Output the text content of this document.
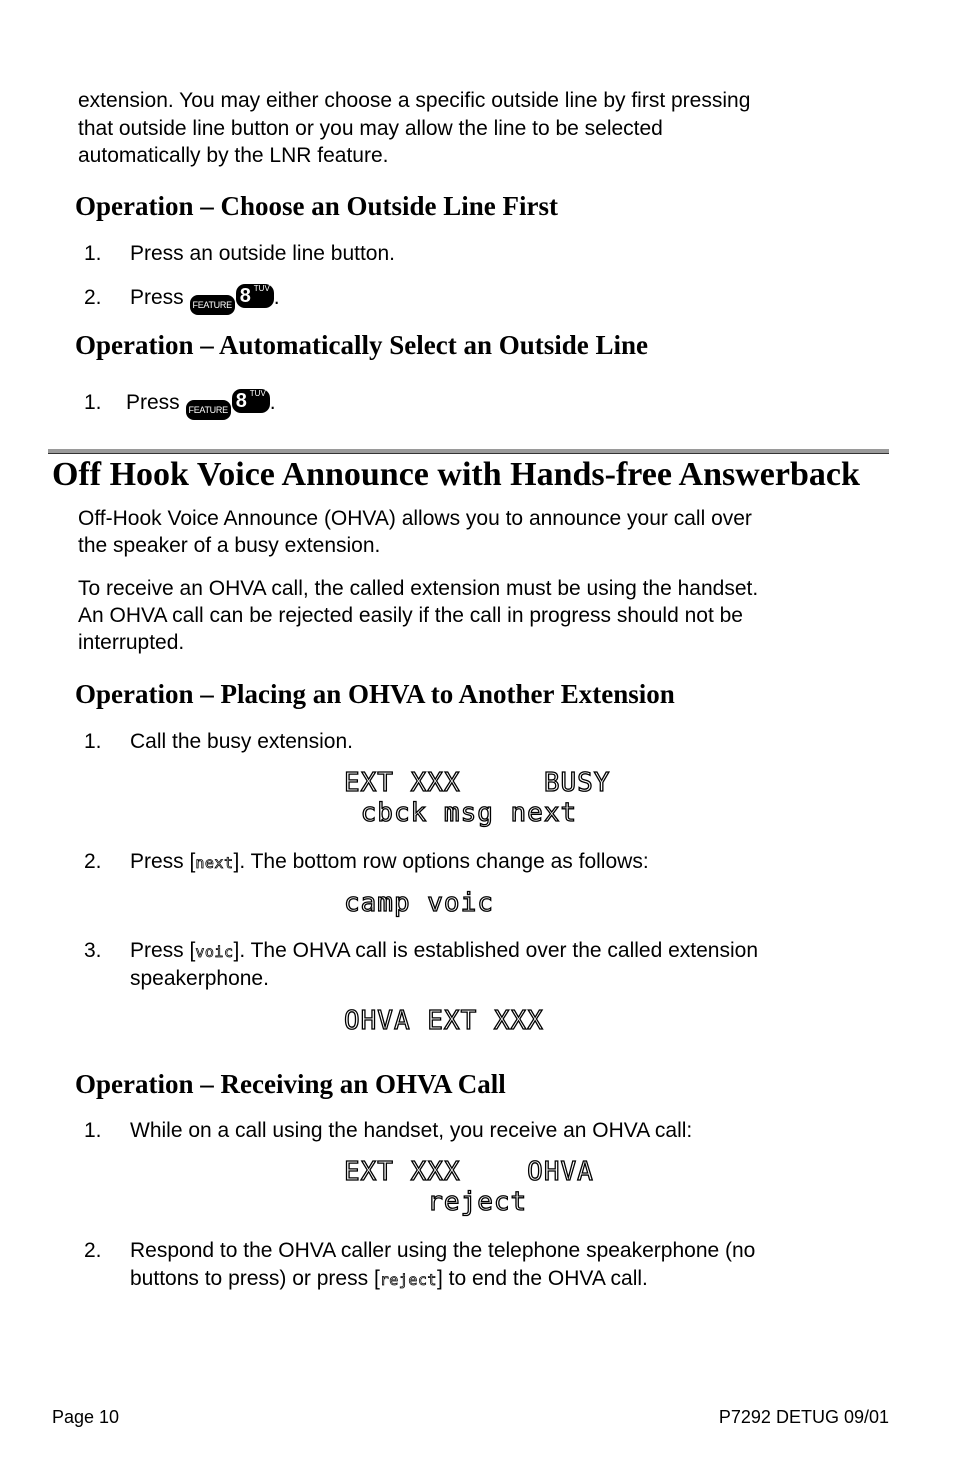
extension. You may either choose a specific outside line by first pressing
that outside line button or you may allow the line to be selected
automatically by the LNR feature.
Operation – Choose an Outside Line First
1. Press an outside line button.
2. Press FEATURE 8 TUV .
Operation – Automatically Select an Outside Line
1. Press FEATURE 8 TUV .
Off Hook Voice Announce with Hands-free Answerback
Off-Hook Voice Announce (OHVA) allows you to announce your call over
the speaker of a busy extension.
To receive an OHVA call, the called extension must be using the handset.
An OHVA call can be rejected easily if the call in progress should not be
interrupted.
Operation – Placing an OHVA to Another Extension
1. Call the busy extension.
EXT XXX     BUSY
cbck msg next
2. Press [next]. The bottom row options change as follows:
camp voic
3. Press [voic]. The OHVA call is established over the called extension
speakerphone.
OHVA EXT XXX
Operation – Receiving an OHVA Call
1. While on a call using the handset, you receive an OHVA call:
EXT XXX    OHVA
reject
2. Respond to the OHVA caller using the telephone speakerphone (no
buttons to press) or press [reject] to end the OHVA call.
Page 10	P7292 DETUG 09/01
